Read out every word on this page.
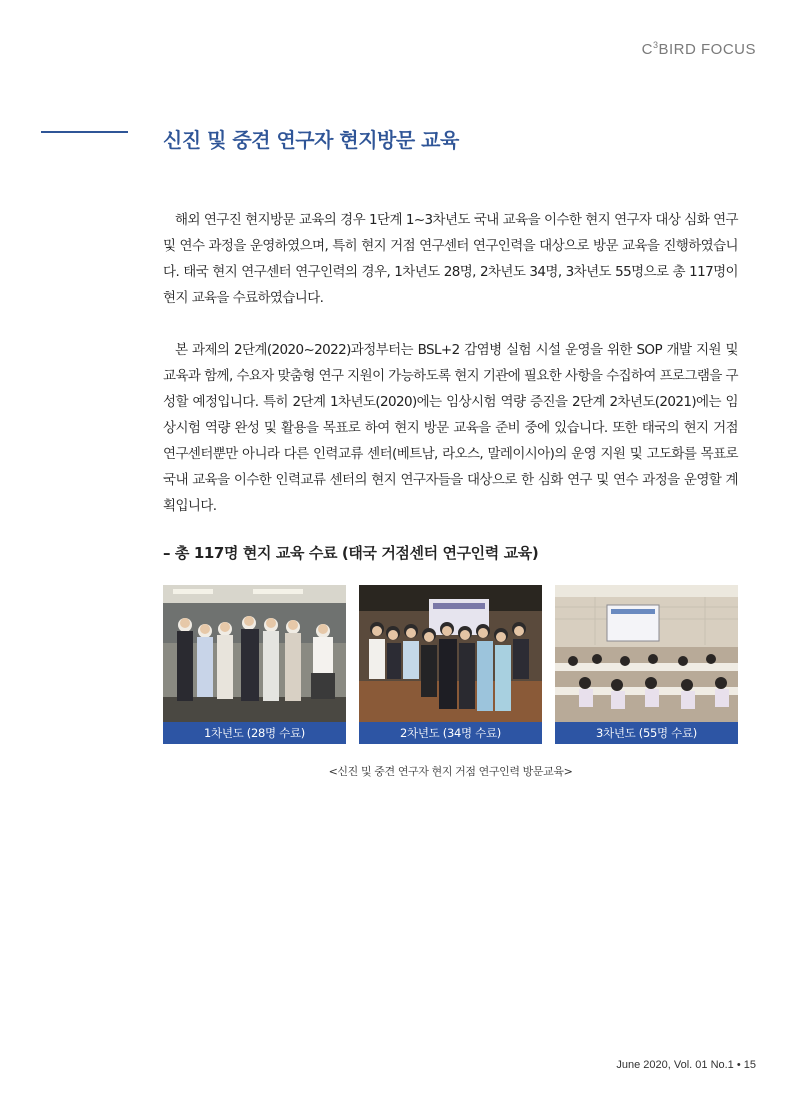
$C^3BIRD$ FOCUS
신진 및 중견 연구자 현지방문 교육

해외 연구진 현지방문 교육의 경우 1단계 1~3차년도 국내 교육을 이수한 현지 연구자 대상 심화 연구 및 연수 과정을 운영하였으며, 특히 현지 거점 연구센터 연구인력을 대상으로 방문 교육을 진행하였습니다. 태국 현지 연구센터 연구인력의 경우, 1차년도 28명, 2차년도 34명, 3차년도 55명으로 총 117명이 현지 교육을 수료하였습니다.

본 과제의 2단계(2020~2022)과정부터는 BSL+2 감염병 실험 시설 운영을 위한 SOP 개발 지원 및 교육과 함께, 수요자 맞춤형 연구 지원이 가능하도록 현지 기관에 필요한 사항을 수집하여 프로그램을 구성할 예정입니다. 특히 2단계 1차년도(2020)에는 임상시험 역량 증진을 2단계 2차년도(2021)에는 임상시험 역량 완성 및 활용을 목표로 하여 현지 방문 교육을 준비 중에 있습니다. 또한 태국의 현지 거점 연구센터뿐만 아니라 다른 인력교류 센터(베트남, 라오스, 말레이시아)의 운영 지원 및 고도화를 목표로 국내 교육을 이수한 인력교류 센터의 현지 연구자들을 대상으로 한 심화 연구 및 연수 과정을 운영할 계획입니다.

– 총 117명 현지 교육 수료 (태국 거점센터 연구인력 교육)
1차년도 (28명 수료)	2차년도 (34명 수료)	3차년도 (55명 수료)

<신진 및 중견 연구자 현지 거점 연구인력 방문교육>

June 2020, Vol. 01 No.1 • 15
